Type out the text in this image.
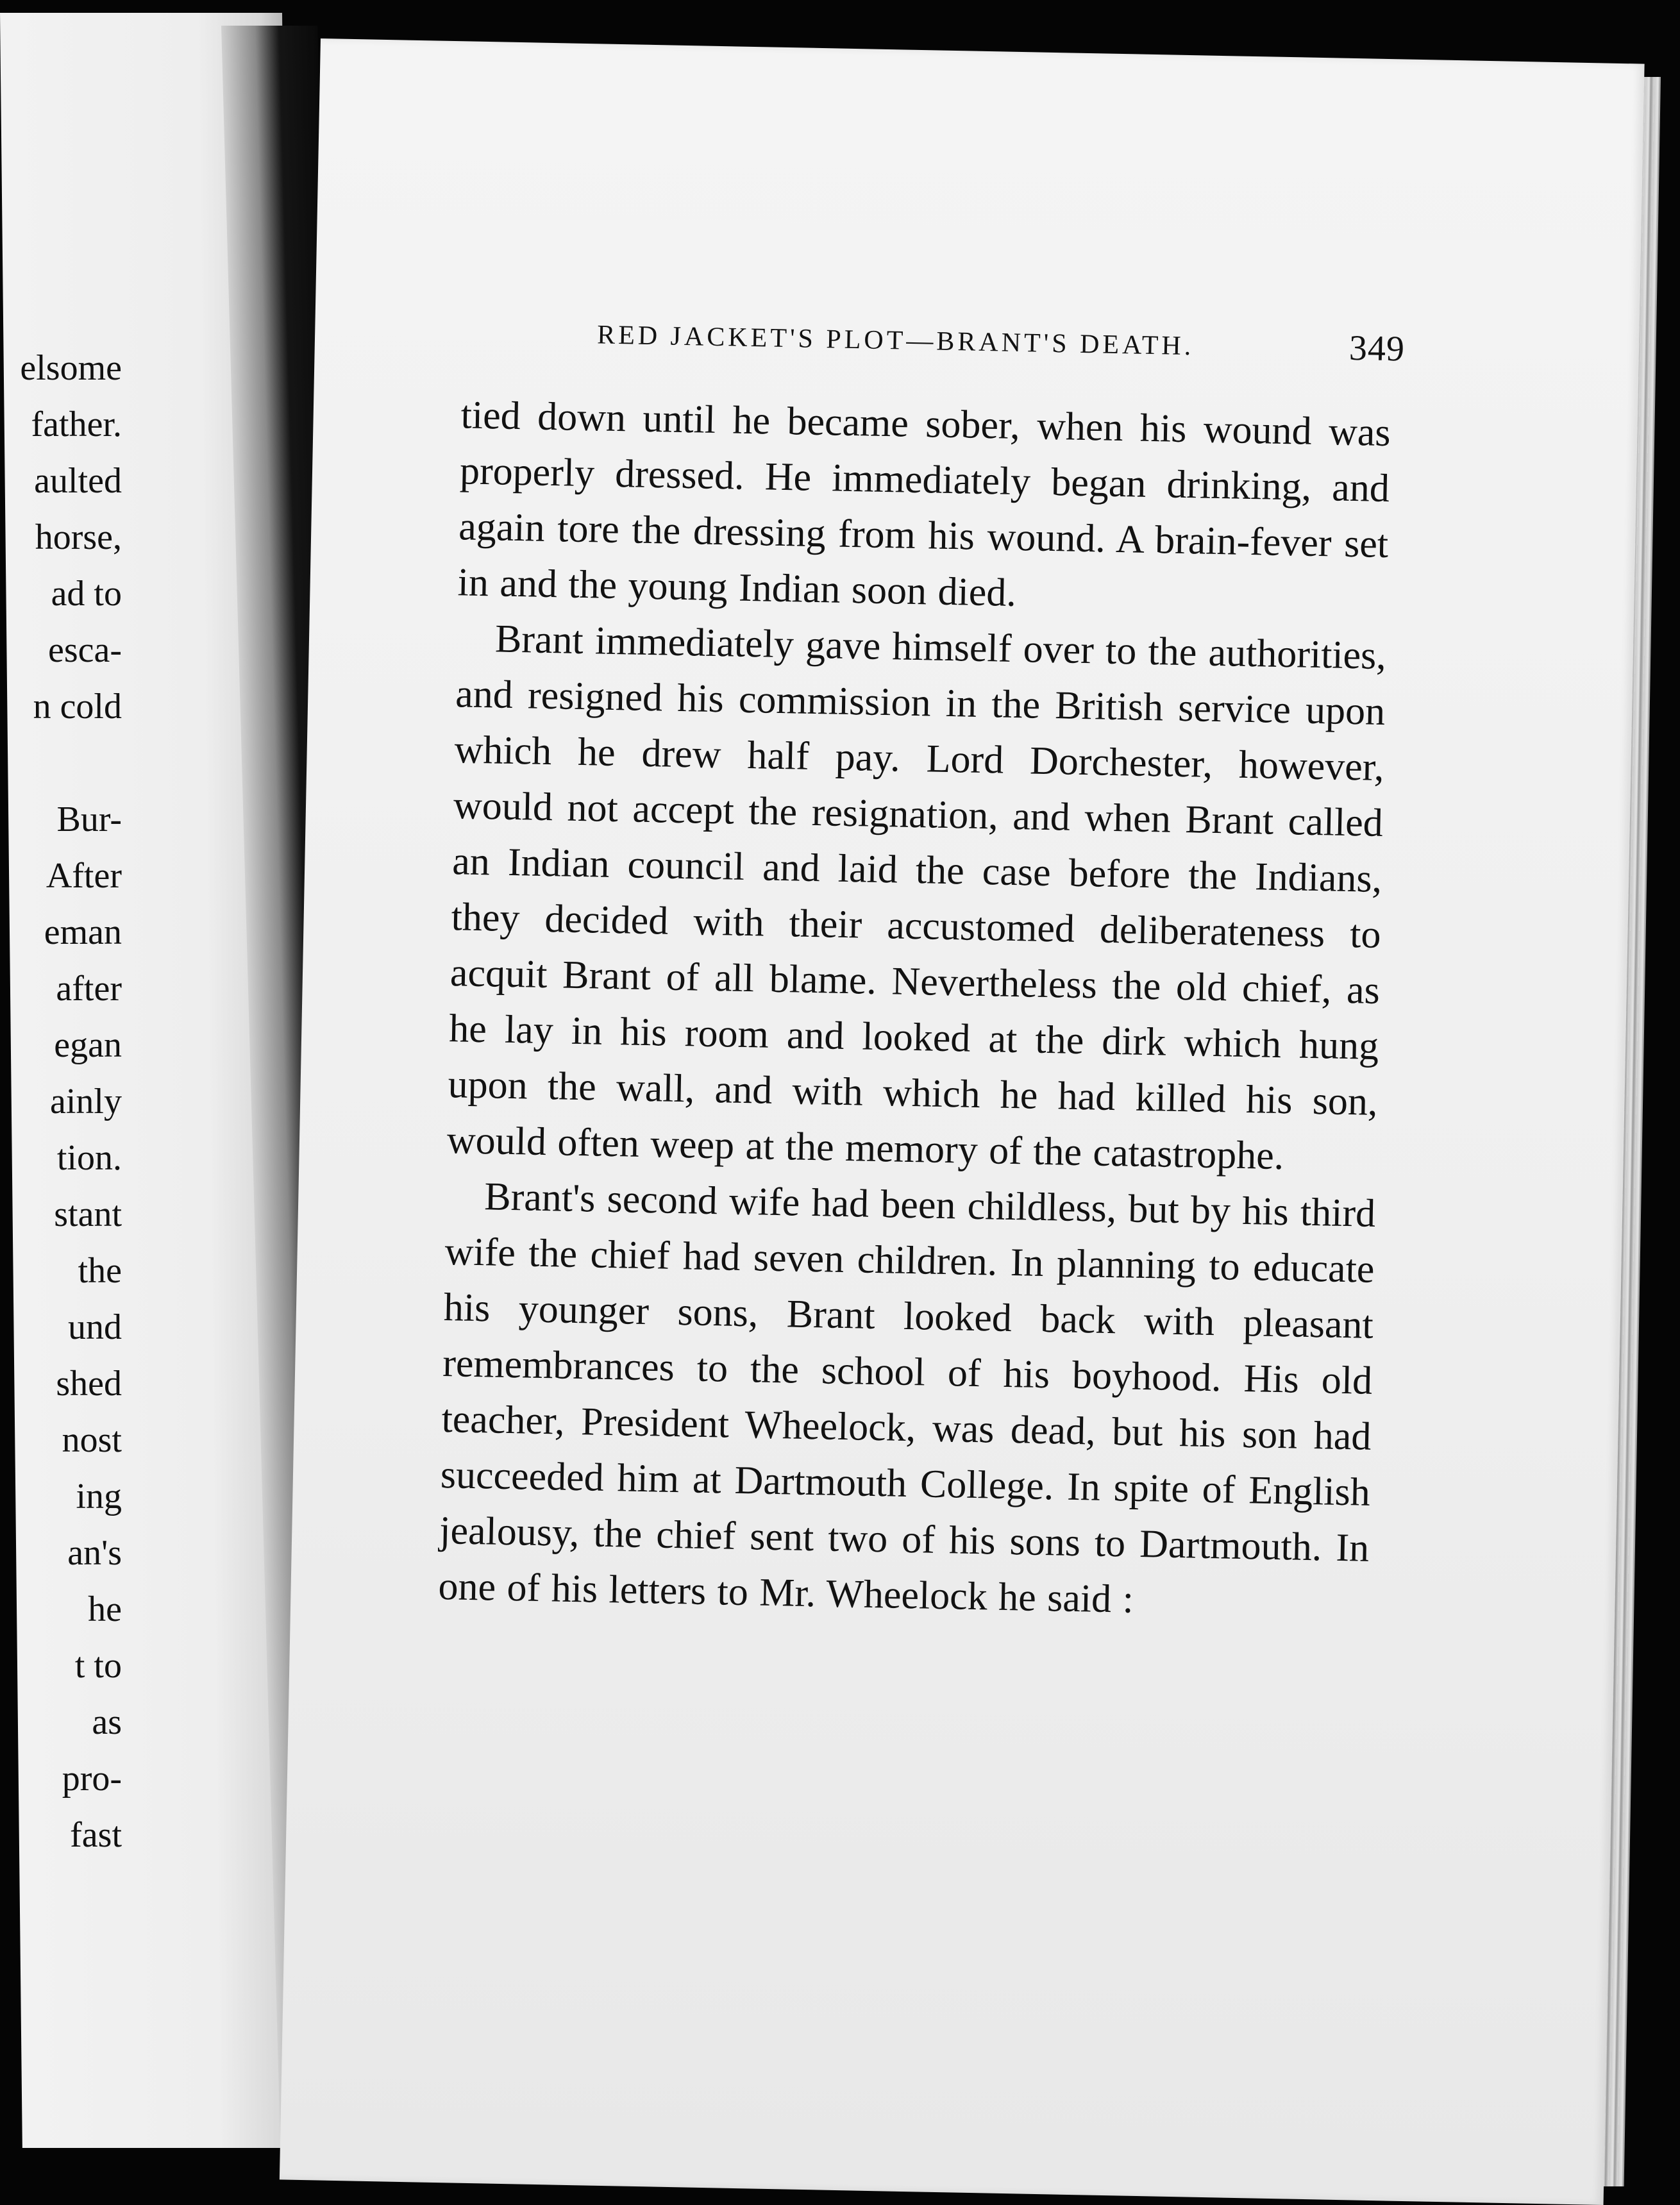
elsome
father.
aulted
horse,
ad to
esca-
n cold
Bur-
After
eman
after
egan
ainly
tion.
stant
the
und
shed
nost
ing
an's
he
t to
as
pro-
fast
RED JACKET'S PLOT—BRANT'S DEATH.	349

tied down until he became sober, when his wound was properly dressed. He immediately began drinking, and again tore the dressing from his wound. A brain-fever set in and the young Indian soon died.

Brant immediately gave himself over to the authorities, and resigned his commission in the British service upon which he drew half pay. Lord Dorchester, however, would not accept the resignation, and when Brant called an Indian council and laid the case before the Indians, they decided with their accustomed deliberateness to acquit Brant of all blame. Nevertheless the old chief, as he lay in his room and looked at the dirk which hung upon the wall, and with which he had killed his son, would often weep at the memory of the catastrophe.

Brant's second wife had been childless, but by his third wife the chief had seven children. In planning to educate his younger sons, Brant looked back with pleasant remembrances to the school of his boyhood. His old teacher, President Wheelock, was dead, but his son had succeeded him at Dartmouth College. In spite of English jealousy, the chief sent two of his sons to Dartmouth. In one of his letters to Mr. Wheelock he said :
